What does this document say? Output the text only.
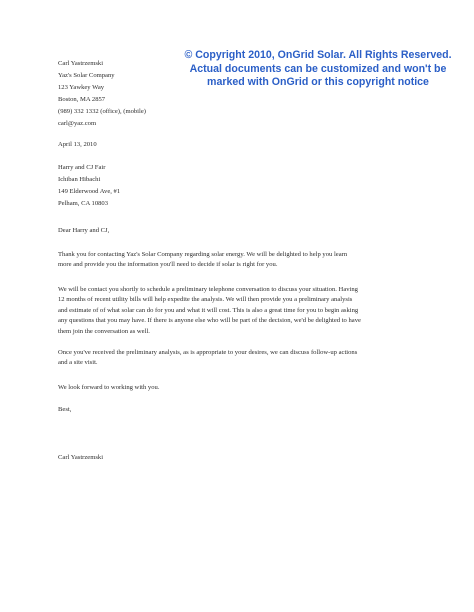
© Copyright 2010, OnGrid Solar. All Rights Reserved.
Actual documents can be customized and won't be
marked with OnGrid or this copyright notice
Carl Yastrzemski
Yaz's Solar Company
123 Yawkey Way
Boston, MA 2857
(989) 332 1332 (office), (mobile)
carl@yaz.com
April 13, 2010
Harry and CJ Fair
Ichiban Hibachi
149 Elderwood Ave, #1
Pelham, CA 10803
Dear Harry and CJ,
Thank you for contacting Yaz's Solar Company regarding solar energy. We will be delighted to help you learn
more and provide you the information you'll need to decide if solar is right for you.
We will be contact you shortly to schedule a preliminary telephone conversation to discuss your situation. Having
12 months of recent utility bills will help expedite the analysis. We will then provide you a preliminary analysis
and estimate of of what solar can do for you and what it will cost. This is also a great time for you to begin asking
any questions that you may have. If there is anyone else who will be part of the decision, we'd be delighted to have
them join the conversation as well.
Once you've received the preliminary analysis, as is appropriate to your desires, we can discuss follow-up actions
and a site visit.
We look forward to working with you.
Best,
Carl Yastrzemski
